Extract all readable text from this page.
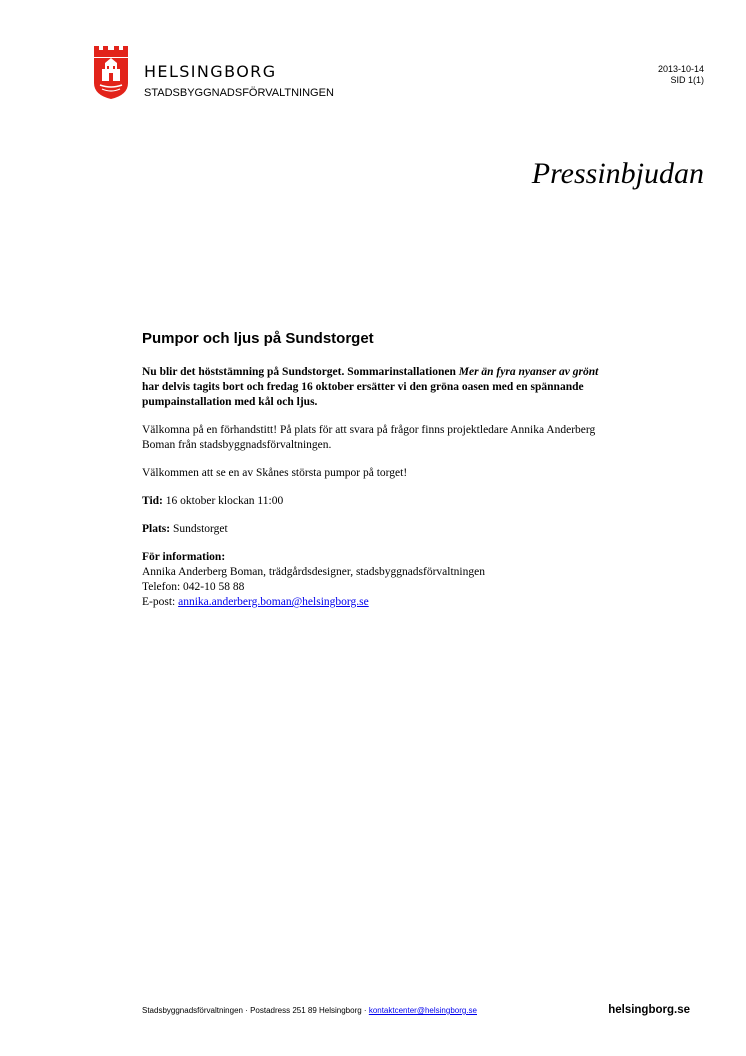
HELSINGBORG
STADSBYGGNADSFÖRVALTNINGEN
2013-10-14
SID 1(1)
Pressinbjudan
Pumpor och ljus på Sundstorget

Nu blir det höststämning på Sundstorget. Sommarinstallationen Mer än fyra nyanser av grönt har delvis tagits bort och fredag 16 oktober ersätter vi den gröna oasen med en spännande pumpainstallation med kål och ljus.

Välkomna på en förhandstitt! På plats för att svara på frågor finns projektledare Annika Anderberg Boman från stadsbyggnadsförvaltningen.

Välkommen att se en av Skånes största pumpor på torget!

Tid: 16 oktober klockan 11:00

Plats: Sundstorget

För information:
Annika Anderberg Boman, trädgårdsdesigner, stadsbyggnadsförvaltningen
Telefon: 042-10 58 88
E-post: annika.anderberg.boman@helsingborg.se
Stadsbyggnadsförvaltningen · Postadress 251 89 Helsingborg · kontaktcenter@helsingborg.se	helsingborg.se
